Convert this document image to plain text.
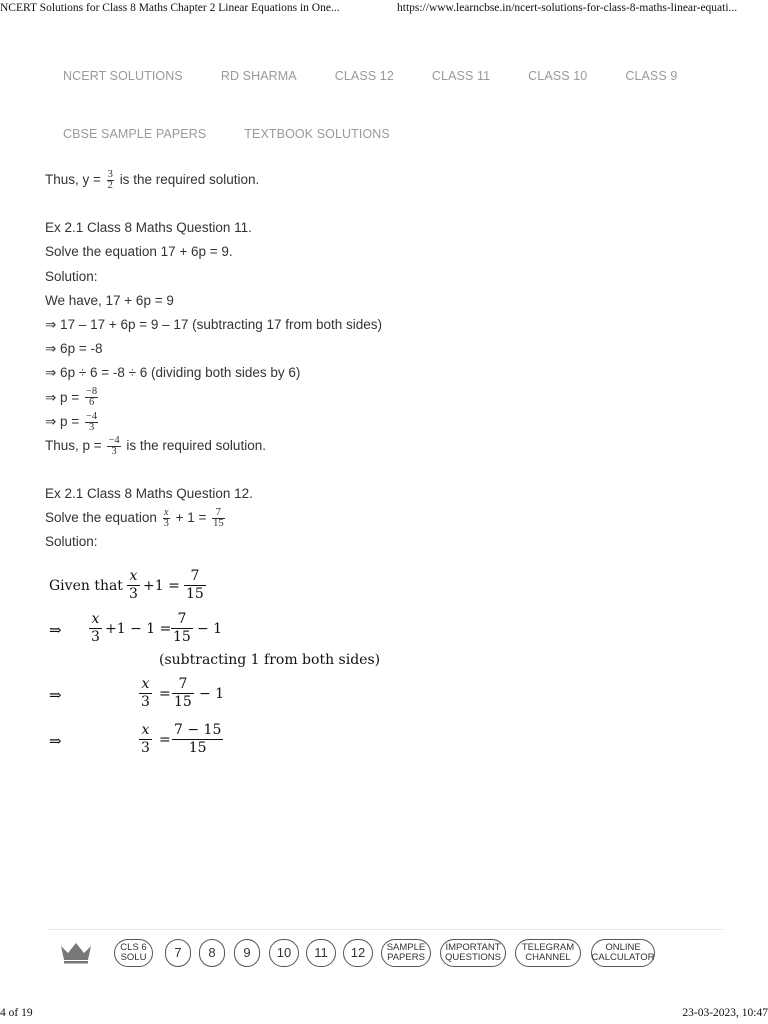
NCERT Solutions for Class 8 Maths Chapter 2 Linear Equations in One...	https://www.learncbse.in/ncert-solutions-for-class-8-maths-linear-equati...
NCERT SOLUTIONS	RD SHARMA	CLASS 12	CLASS 11	CLASS 10	CLASS 9
CBSE SAMPLE PAPERS	TEXTBOOK SOLUTIONS
Thus, $y = \frac{3}{2}$ is the required solution.
Ex 2.1 Class 8 Maths Question 11.
Solve the equation 17 + 6p = 9.
Solution:
We have, 17 + 6p = 9
⇒ 17 – 17 + 6p = 9 – 17 (subtracting 17 from both sides)
⇒ 6p = -8
⇒ 6p ÷ 6 = -8 ÷ 6 (dividing both sides by 6)
⇒ $p = \frac{-8}{6}$
⇒ $p = \frac{-4}{3}$
Thus, $p = \frac{-4}{3}$ is the required solution.
Ex 2.1 Class 8 Maths Question 12.
Solve the equation $\frac{x}{3} + 1 = \frac{7}{15}$
Solution:
Given that $\frac{x}{3} +1 = \frac{7}{15}$
⇒ $\frac{x}{3} +1 - 1 = \frac{7}{15} - 1$
(subtracting 1 from both sides)
⇒	$\frac{x}{3} = \frac{7}{15} - 1$
⇒	$\frac{x}{3} = \frac{7 - 15}{15}$
CLS 6 SOLU	7	8	9	10	11	12	SAMPLE PAPERS
IMPORTANT QUESTIONS
TELEGRAM CHANNEL
ONLINE CALCULATOR
4 of 19	23-03-2023, 10:47
